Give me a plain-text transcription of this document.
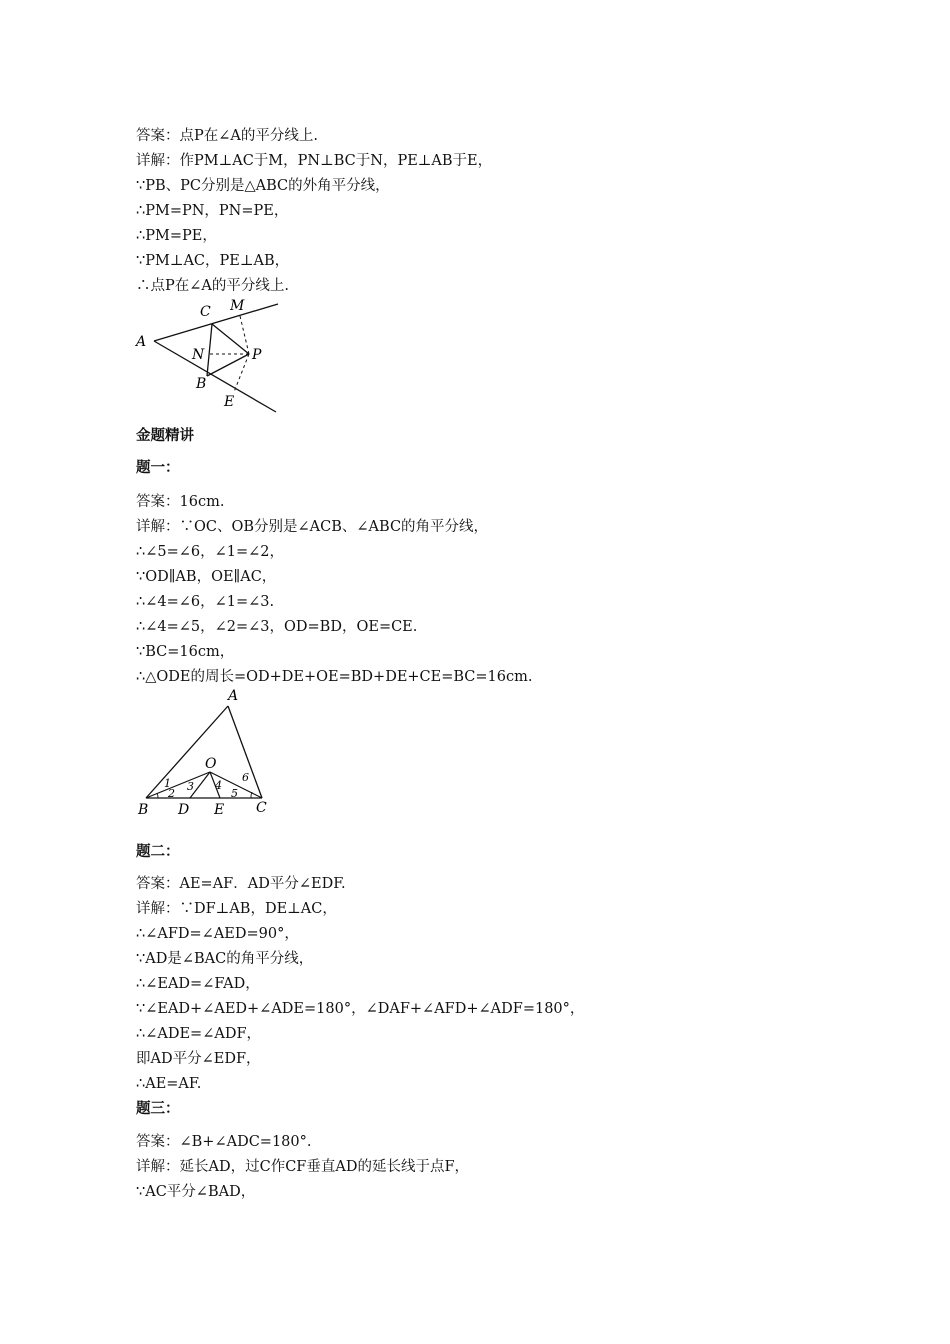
答案：点P在∠A的平分线上.
详解：作PM⊥AC于M，PN⊥BC于N，PE⊥AB于E，
∵PB、PC分别是△ABC的外角平分线，
∴PM=PN，PN=PE，
∴PM=PE，
∵PM⊥AC，PE⊥AB，
∴点P在∠A的平分线上.
A
C M
N	P
B
E
金题精讲
题一：
答案：16cm.
详解：∵OC、OB分别是∠ACB、∠ABC的角平分线，
∴∠5=∠6，∠1=∠2，
∵OD∥AB，OE∥AC，
∴∠4=∠6，∠1=∠3.
∴∠4=∠5，∠2=∠3，OD=BD，OE=CE.
∵BC=16cm，
∴△ODE的周长=OD+DE+OE=BD+DE+CE=BC=16cm.
A
O
B D E C
1
2
3 4
5
6
题二：
答案：AE=AF．AD平分∠EDF.
详解：∵DF⊥AB，DE⊥AC，
∴∠AFD=∠AED=90°，
∵AD是∠BAC的角平分线，
∴∠EAD=∠FAD，
∵∠EAD+∠AED+∠ADE=180°，∠DAF+∠AFD+∠ADF=180°，
∴∠ADE=∠ADF，
即AD平分∠EDF，
∴AE=AF.
题三：
答案：∠B+∠ADC=180°.
详解：延长AD，过C作CF垂直AD的延长线于点F，
∵AC平分∠BAD，
